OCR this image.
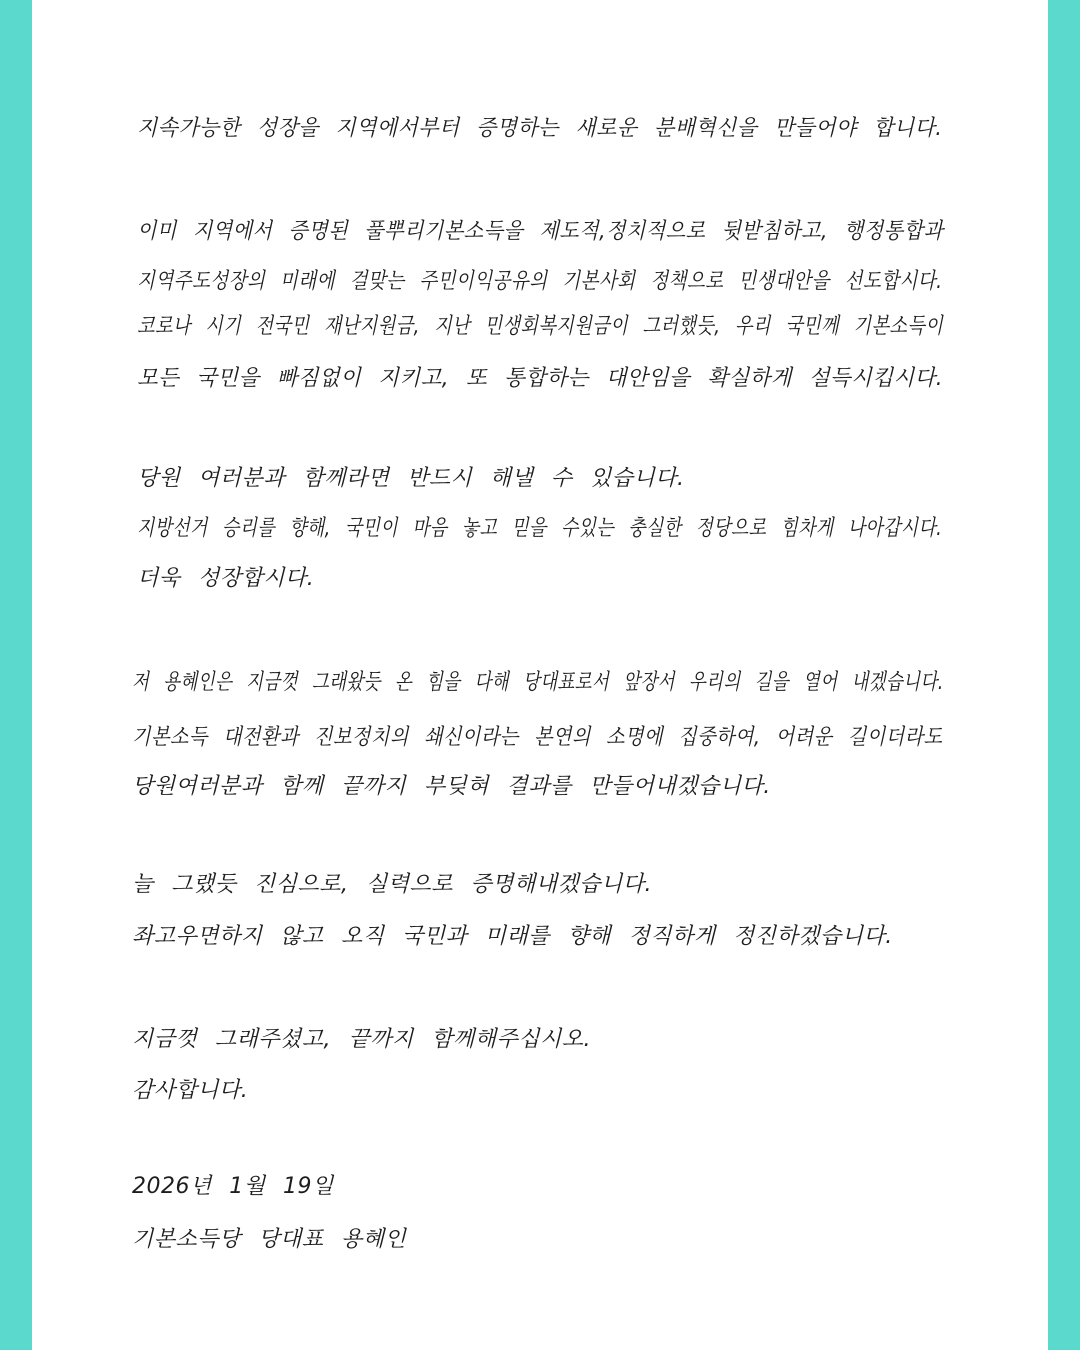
지속가능한 성장을 지역에서부터 증명하는 새로운 분배혁신을 만들어야 합니다.

이미 지역에서 증명된 풀뿌리기본소득을 제도적,정치적으로 뒷받침하고, 행정통합과

지역주도성장의 미래에 걸맞는 주민이익공유의 기본사회 정책으로 민생대안을 선도합시다.

코로나 시기 전국민 재난지원금, 지난 민생회복지원금이 그러했듯, 우리 국민께 기본소득이

모든 국민을 빠짐없이 지키고, 또 통합하는 대안임을 확실하게 설득시킵시다.

당원 여러분과 함께라면 반드시 해낼 수 있습니다.

지방선거 승리를 향해, 국민이 마음 놓고 믿을 수있는 충실한 정당으로 힘차게 나아갑시다.

더욱 성장합시다.

저 용혜인은 지금껏 그래왔듯 온 힘을 다해 당대표로서 앞장서 우리의 길을 열어 내겠습니다.

기본소득 대전환과 진보정치의 쇄신이라는 본연의 소명에 집중하여, 어려운 길이더라도

당원여러분과 함께 끝까지 부딪혀 결과를 만들어내겠습니다.

늘 그랬듯 진심으로, 실력으로 증명해내겠습니다.

좌고우면하지 않고 오직 국민과 미래를 향해 정직하게 정진하겠습니다.

지금껏 그래주셨고, 끝까지 함께해주십시오.

감사합니다.

2026년 1월 19일

기본소득당 당대표 용혜인
